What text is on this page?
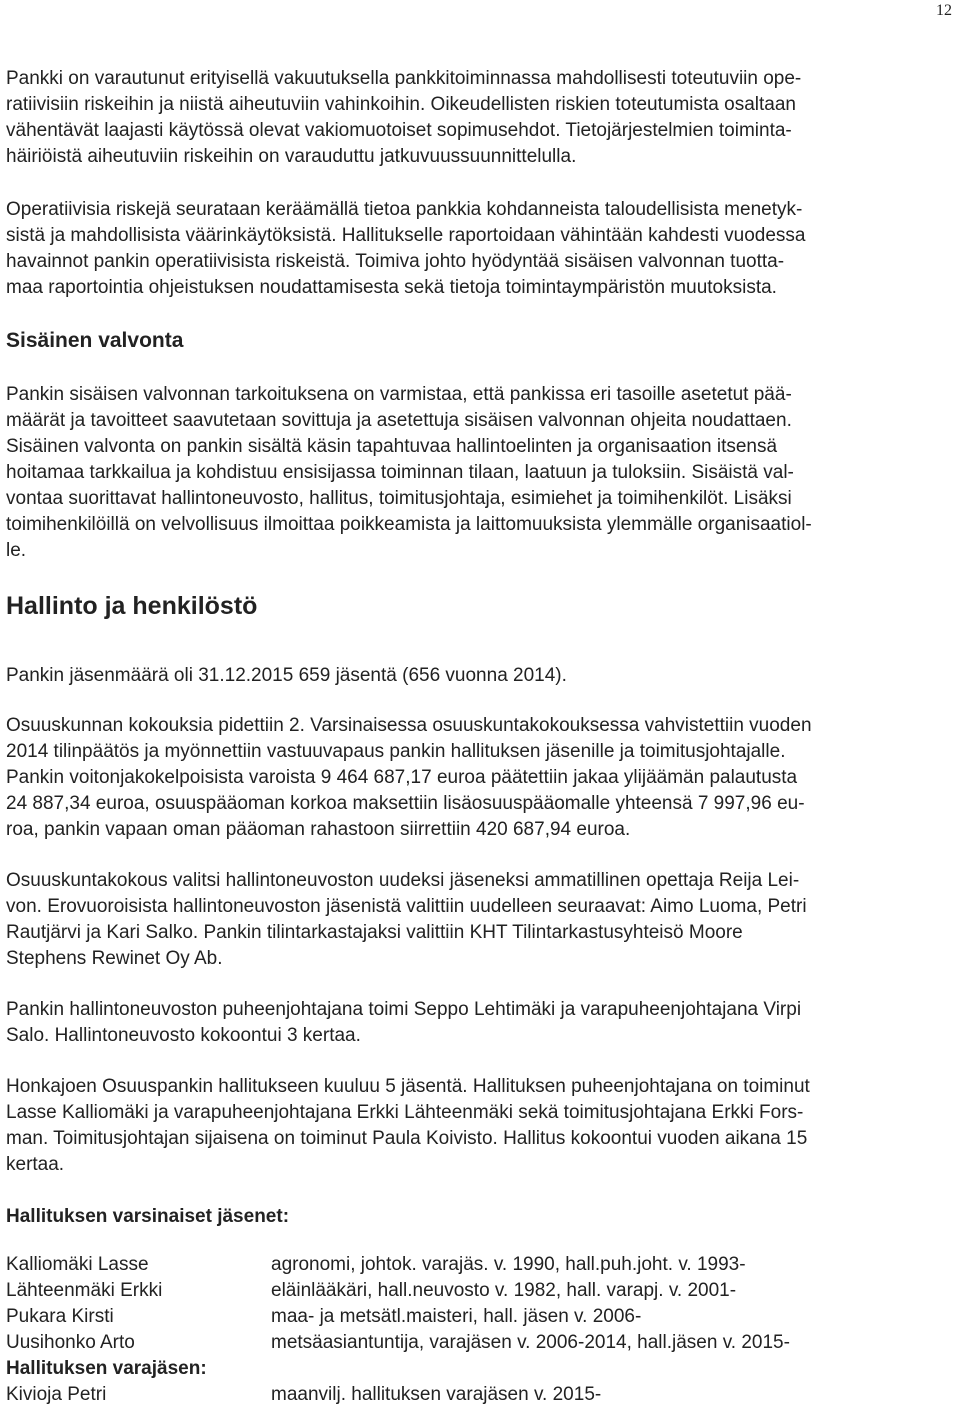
12
Pankki on varautunut erityisellä vakuutuksella pankkitoiminnassa mahdollisesti toteutuviin ope-
ratiivisiin riskeihin ja niistä aiheutuviin vahinkoihin. Oikeudellisten riskien toteutumista osaltaan
vähentävät laajasti käytössä olevat vakiomuotoiset sopimusehdot. Tietojärjestelmien toiminta-
häiriöistä aiheutuviin riskeihin on varauduttu jatkuvuussuunnittelulla.
Operatiivisia riskejä seurataan keräämällä tietoa pankkia kohdanneista taloudellisista menetyk-
sistä ja mahdollisista väärinkäytöksistä. Hallitukselle raportoidaan vähintään kahdesti vuodessa
havainnot pankin operatiivisista riskeistä. Toimiva johto hyödyntää sisäisen valvonnan tuotta-
maa raportointia ohjeistuksen noudattamisesta sekä tietoja toimintaympäristön muutoksista.
Sisäinen valvonta
Pankin sisäisen valvonnan tarkoituksena on varmistaa, että pankissa eri tasoille asetetut pää-
määrät ja tavoitteet saavutetaan sovittuja ja asetettuja sisäisen valvonnan ohjeita noudattaen.
Sisäinen valvonta on pankin sisältä käsin tapahtuvaa hallintoelinten ja organisaation itsensä
hoitamaa tarkkailua ja kohdistuu ensisijassa toiminnan tilaan, laatuun ja tuloksiin. Sisäistä val-
vontaa suorittavat hallintoneuvosto, hallitus, toimitusjohtaja, esimiehet ja toimihenkilöt. Lisäksi
toimihenkilöillä on velvollisuus ilmoittaa poikkeamista ja laittomuuksista ylemmälle organisaatiol-
le.
Hallinto ja henkilöstö
Pankin jäsenmäärä oli 31.12.2015 659 jäsentä (656 vuonna 2014).
Osuuskunnan kokouksia pidettiin 2. Varsinaisessa osuuskuntakokouksessa vahvistettiin vuoden
2014 tilinpäätös ja myönnettiin vastuuvapaus pankin hallituksen jäsenille ja toimitusjohtajalle.
Pankin voitonjakokelpoisista varoista 9 464 687,17 euroa päätettiin jakaa ylijäämän palautusta
24 887,34 euroa, osuuspääoman korkoa maksettiin lisäosuuspääomalle yhteensä 7 997,96 eu-
roa, pankin vapaan oman pääoman rahastoon siirrettiin 420 687,94 euroa.
Osuuskuntakokous valitsi hallintoneuvoston uudeksi jäseneksi ammatillinen opettaja Reija Lei-
von. Erovuoroisista hallintoneuvoston jäsenistä valittiin uudelleen seuraavat: Aimo Luoma, Petri
Rautjärvi ja Kari Salko. Pankin tilintarkastajaksi valittiin KHT Tilintarkastusyhteisö Moore
Stephens Rewinet Oy Ab.
Pankin hallintoneuvoston puheenjohtajana toimi Seppo Lehtimäki ja varapuheenjohtajana Virpi
Salo. Hallintoneuvosto kokoontui 3 kertaa.
Honkajoen Osuuspankin hallitukseen kuuluu 5 jäsentä. Hallituksen puheenjohtajana on toiminut
Lasse Kalliomäki ja varapuheenjohtajana Erkki Lähteenmäki sekä toimitusjohtajana Erkki Fors-
man. Toimitusjohtajan sijaisena on toiminut Paula Koivisto. Hallitus kokoontui vuoden aikana 15
kertaa.
Hallituksen varsinaiset jäsenet:
Kalliomäki Lasse	agronomi, johtok. varajäs. v. 1990, hall.puh.joht. v. 1993-
Lähteenmäki Erkki	eläinlääkäri, hall.neuvosto v. 1982, hall. varapj. v. 2001-
Pukara Kirsti	maa- ja metsätl.maisteri, hall. jäsen v. 2006-
Uusihonko Arto	metsäasiantuntija, varajäsen v. 2006-2014, hall.jäsen v. 2015-
Hallituksen varajäsen:
Kivioja Petri	maanvilj. hallituksen varajäsen v. 2015-
